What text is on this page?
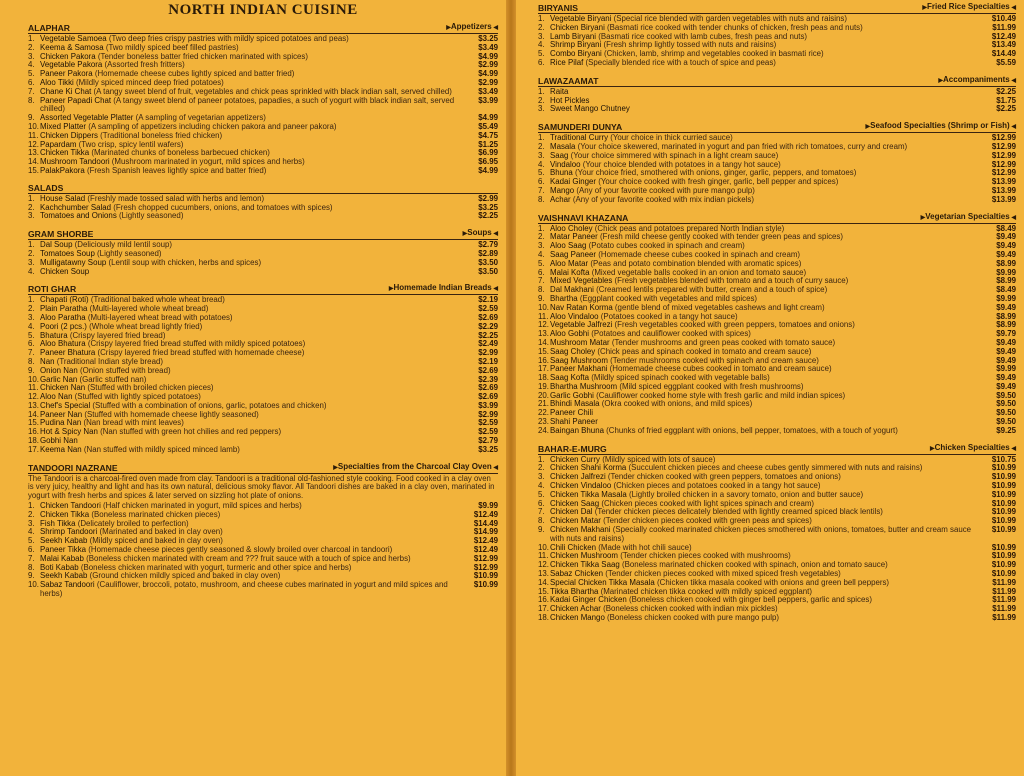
NORTH INDIAN CUISINE
ALAPHAR	▶ Appetizers ◀
1. Vegetable Samoea (Two deep fries crispy pastries with mildly spiced potatoes and peas)	$3.25
2. Keema & Samosa (Two mildly spiced beef filled pastries)	$3.49
3. Chicken Pakora (Tender boneless batter fried chicken marinated with spices)	$4.99
4. Vegetable Pakora (Assorted fresh fritters)	$2.99
5. Paneer Pakora (Homemade cheese cubes lightly spiced and batter fried)	$4.99
6. Aloo Tikki (Mildly spiced minced deep fried potatoes)	$2.99
7. Chane Ki Chat (A tangy sweet blend of fruit, vegetables and chick peas sprinkled with black indian salt, served chilled)	$3.49
8. Paneer Papadi Chat (A tangy sweet blend of paneer potatoes, papadies, a such of yogurt with black indian salt, served chilled)
$3.99
9. Assorted Vegetable Platter (A sampling of vegetarian appetizers)	$4.99
10. Mixed Platter (A sampling of appetizers including chicken pakora and paneer pakora)	$5.49
11. Chicken Dippers (Traditional boneless fried chicken)	$4.75
12. Papardam (Two crisp, spicy lentil wafers)	$1.25
13. Chicken Tikka (Marinated chunks of boneless barbecued chicken)	$6.99
14. Mushroom Tandoori (Mushroom marinated in yogurt, mild spices and herbs)	$6.95
15. PalakPakora (Fresh Spanish leaves lightly spice and batter fried)	$4.99
SALADS
1. House Salad (Freshly made tossed salad with herbs and lemon)	$2.99
2. Kachchumber Salad (Fresh chopped cucumbers, onions, and tomatoes with spices)	$3.25
3. Tomatoes and Onions (Lightly seasoned)	$2.25
GRAM SHORBE	▶ Soups ◀
1. Dal Soup (Deliciously mild lentil soup)	$2.79
2. Tomatoes Soup (Lightly seasoned)	$2.89
3. Mulligatawny Soup (Lentil soup with chicken, herbs and spices)	$3.50
4. Chicken Soup	$3.50
ROTI GHAR	▶ Homemade Indian Breads ◀
1. Chapati (Roti) (Traditional baked whole wheat bread)	$2.19
2. Plain Paratha (Multi-layered whole wheat bread)	$2.59
3. Aloo Paratha (Multi-layered wheat bread with potatoes)	$2.69
4. Poori (2 pcs.) (Whole wheat bread lightly fried)	$2.29
5. Bhatura (Crispy layered fried bread)	$2.25
6. Aloo Bhatura (Crispy layered fried bread stuffed with mildly spiced potatoes)	$2.49
7. Paneer Bhatura (Crispy layered fried bread stuffed with homemade cheese)	$2.99
8. Nan (Traditional Indian style bread)	$2.19
9. Onion Nan (Onion stuffed with bread)	$2.69
10. Garlic Nan (Garlic stuffed nan)	$2.39
11. Chicken Nan (Stuffed with broiled chicken pieces)	$2.69
12. Aloo Nan (Stuffed with lightly spiced potatoes)	$2.69
13. Chef's Special (Stuffed with a combination of onions, garlic, potatoes and chicken)	$3.99
14. Paneer Nan (Stuffed with homemade cheese lightly seasoned)	$2.99
15. Pudina Nan (Nan bread with mint leaves)	$2.59
16. Hot & Spicy Nan (Nan stuffed with green hot chilies and red peppers)	$2.59
18. Gobhi Nan	$2.79
17. Keema Nan (Nan stuffed with mildly spiced minced lamb)	$3.25
TANDOORI NAZRANE	▶ Specialties from the Charcoal Clay Oven ◀
The Tandoori is a charcoal-fired oven made from clay. Tandoori is a traditional old-fashioned style cooking. Food cooked in a clay oven is very juicy, healthy and light and has its own natural, delicious smoky flavor. All Tandoori dishes are baked in a clay oven, marinated in yogurt with fresh herbs and spices & later served on sizzling hot plate of onions.
1. Chicken Tandoori (Half chicken marinated in yogurt, mild spices and herbs)	$9.99
2. Chicken Tikka (Boneless marinated chicken pieces)	$12.49
3. Fish Tikka (Delicately broiled to perfection)	$14.49
4. Shrimp Tandoori (Marinated and baked in clay oven)	$14.99
5. Seekh Kabab (Mildly spiced and baked in clay oven)	$12.49
6. Paneer Tikka (Homemade cheese pieces gently seasoned & slowly broiled over charcoal in tandoori)	$12.49
7. Malai Kabab (Boneless chicken marinated with cream and ??? fruit sauce with a touch of spice and herbs)	$12.99
8. Boti Kabab (Boneless chicken marinated with yogurt, turmeric and other spice and herbs)	$12.99
9. Seekh Kabab (Ground chicken mildly spiced and baked in clay oven)	$10.99
10. Sabaz Tandoori (Cauliflower, broccoli, potato, mushroom, and cheese cubes marinated in yogurt and mild spices and herbs)
$10.99
BIRYANIS	▶ Fried Rice Specialties ◀
1. Vegetable Biryani (Special rice blended with garden vegetables with nuts and raisins)	$10.49
2. Chicken Biryani (Basmati rice cooked with tender chunks of chicken, fresh peas and nuts)	$11.99
3. Lamb Biryani (Basmati rice cooked with lamb cubes, fresh peas and nuts)	$12.49
4. Shrimp Biryani (Fresh shrimp lightly tossed with nuts and raisins)	$13.49
5. Combo Biryani (Chicken, lamb, shrimp and vegetables cooked in basmati rice)	$14.49
6. Rice Pilaf (Specially blended rice with a touch of spice and peas)	$5.59
LAWAZAAMAT	▶ Accompaniments ◀
1. Raita	$2.25
2. Hot Pickles	$1.75
3. Sweet Mango Chutney	$2.25
SAMUNDERI DUNYA	▶ Seafood Specialties (Shrimp or Fish) ◀
1. Traditional Curry (Your choice in thick curried sauce)	$12.99
2. Masala (Your choice skewered, marinated in yogurt and pan fried with rich tomatoes, curry and cream)	$12.99
3. Saag (Your choice simmered with spinach in a light cream sauce)	$12.99
4. Vindaloo (Your choice blended with potatoes in a tangy hot sauce)	$12.99
5. Bhuna (Your choice fried, smothered with onions, ginger, garlic, peppers, and tomatoes)	$12.99
6. Kadai Ginger (Your choice cooked with fresh ginger, garlic, bell pepper and spices)	$13.99
7. Mango (Any of your favorite cooked with pure mango pulp)	$13.99
8. Achar (Any of your favorite cooked with mix indian pickels)	$13.99
VAISHNAVI KHAZANA	▶ Vegetarian Specialties ◀
1. Aloo Choley (Chick peas and potatoes prepared North Indian style)	$8.49
2. Matar Paneer (Fresh mild cheese gently cooked with tender green peas and spices)	$9.49
3. Aloo Saag (Potato cubes cooked in spinach and cream)	$9.49
4. Saag Paneer (Homemade cheese cubes cooked in spinach and cream)	$9.49
5. Aloo Matar (Peas and potato combination blended with aromatic spices)	$8.99
6. Malai Kofta (Mixed vegetable balls cooked in an onion and tomato sauce)	$9.99
7. Mixed Vegetables (Fresh vegetables blended with tomato and a touch of curry sauce)	$8.99
8. Dal Makhani (Creamed lentils prepared with butter, cream and a touch of spice)	$8.49
9. Bhartha (Eggplant cooked with vegetables and mild spices)	$9.99
10. Nav Ratan Korma (gentle blend of mixed vegetables cashews and light cream)	$9.49
11. Aloo Vindaloo (Potatoes cooked in a tangy hot sauce)	$8.99
12. Vegetable Jalfrezi (Fresh vegetables cooked with green peppers, tomatoes and onions)	$8.99
13. Aloo Gobhi (Potatoes and cauliflower cooked with spices)	$9.79
14. Mushroom Matar (Tender mushrooms and green peas cooked with tomato sauce)	$9.49
15. Saag Choley (Chick peas and spinach cooked in tomato and cream sauce)	$9.49
16. Saag Mushroom (Tender mushrooms cooked with spinach and cream sauce)	$9.49
17. Paneer Makhani (Homemade cheese cubes cooked in tomato and cream sauce)	$9.99
18. Saag Kofta (Mildly spiced spinach cooked with vegetable balls)	$9.49
19. Bhartha Mushroom (Mild spiced eggplant cooked with fresh mushrooms)	$9.49
20. Garlic Gobhi (Cauliflower cooked home style with fresh garlic and mild indian spices)	$9.50
21. Bhindi Masala (Okra cooked with onions, and mild spices)	$9.50
22. Paneer Chili	$9.50
23. Shahi Paneer	$9.50
24. Baingan Bhuna (Chunks of fried eggplant with onions, bell pepper, tomatoes, with a touch of yogurt)	$9.25
BAHAR-E-MURG	▶ Chicken Specialties ◀
1. Chicken Curry (Mildly spiced with lots of sauce)	$10.75
2. Chicken Shahi Korma (Succulent chicken pieces and cheese cubes gently simmered with nuts and raisins)	$10.99
3. Chicken Jalfrezi (Tender chicken cooked with green peppers, tomatoes and onions)	$10.99
4. Chicken Vindaloo (Chicken pieces and potatoes cooked in a tangy hot sauce)	$10.99
5. Chicken Tikka Masala (Lightly broiled chicken in a savory tomato, onion and butter sauce)	$10.99
6. Chicken Saag (Chicken pieces cooked with light spices spinach and cream)	$10.99
7. Chicken Dal (Tender chicken pieces delicately blended with lightly creamed spiced black lentils)	$10.99
8. Chicken Matar (Tender chicken pieces cooked with green peas and spices)	$10.99
9. Chicken Makhani (Specially cooked marinated chicken pieces smothered with onions, tomatoes, butter and cream sauce with nuts and raisins)
$10.99
10. Chili Chicken (Made with hot chili sauce)	$10.99
11. Chicken Mushroom (Tender chicken pieces cooked with mushrooms)	$10.99
12. Chicken Tikka Saag (Boneless marinated chicken cooked with spinach, onion and tomato sauce)	$10.99
13. Sabaz Chicken (Tender chicken pieces cooked with mixed spiced fresh vegetables)	$10.99
14. Special Chicken Tikka Masala (Chicken tikka masala cooked with onions and green bell peppers)	$11.99
15. Tikka Bhartha (Marinated chicken tikka cooked with mildly spiced eggplant)	$11.99
16. Kadai Ginger Chicken (Boneless chicken cooked with ginger bell peppers, garlic and spices)	$11.99
17. Chicken Achar (Boneless chicken cooked with indian mix pickles)	$11.99
18. Chicken Mango (Boneless chicken cooked with pure mango pulp)	$11.99
